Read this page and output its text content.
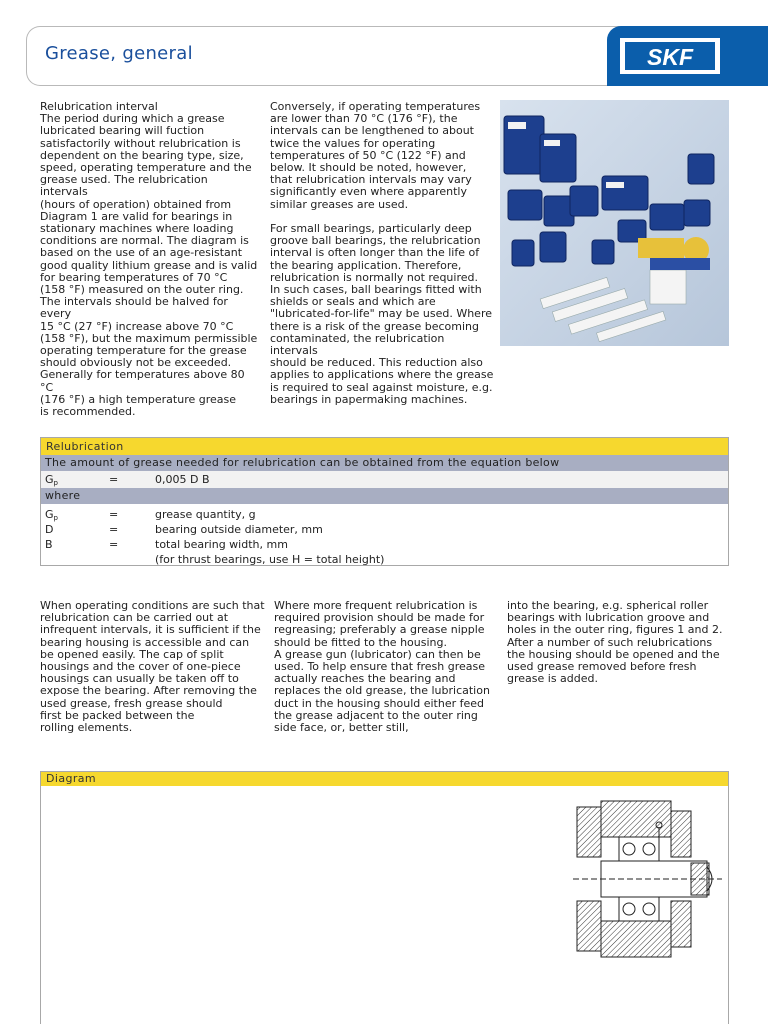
Grease, general	SKF
Relubrication interval
The period during which a grease
lubricated bearing will fuction
satisfactorily without relubrication is
dependent on the bearing type, size,
speed, operating temperature and the
grease used. The relubrication intervals
(hours of operation) obtained from
Diagram 1 are valid for bearings in
stationary machines where loading
conditions are normal. The diagram is
based on the use of an age-resistant
good quality lithium grease and is valid
for bearing temperatures of 70 °C
(158 °F) measured on the outer ring.
The intervals should be halved for every
15 °C (27 °F) increase above 70 °C
(158 °F), but the maximum permissible
operating temperature for the grease
should obviously not be exceeded.
Generally for temperatures above 80 °C
(176 °F) a high temperature grease
is recommended.
Conversely, if operating temperatures
are lower than 70 °C (176 °F), the
intervals can be lengthened to about
twice the values for operating
temperatures of 50 °C (122 °F) and
below. It should be noted, however,
that relubrication intervals may vary
significantly even where apparently
similar greases are used.

For small bearings, particularly deep
groove ball bearings, the relubrication
interval is often longer than the life of
the bearing application. Therefore,
relubrication is normally not required.
In such cases, ball bearings fitted with
shields or seals and which are
"lubricated-for-life" may be used. Where
there is a risk of the grease becoming
contaminated, the relubrication intervals
should be reduced. This reduction also
applies to applications where the grease
is required to seal against moisture, e.g.
bearings in papermaking machines.
Relubrication
The amount of grease needed for relubrication can be obtained from the equation below
$G_p$	=	0,005 D B
where
$G_p$	=	grease quantity, g
D	=	bearing outside diameter, mm
B	=	total bearing width, mm
(for thrust bearings, use H = total height)
When operating conditions are such that
relubrication can be carried out at
infrequent intervals, it is sufficient if the
bearing housing is accessible and can
be opened easily. The cap of split
housings and the cover of one-piece
housings can usually be taken off to
expose the bearing. After removing the
used grease, fresh grease should
first be packed between the
rolling elements.
Where more frequent relubrication is
required provision should be made for
regreasing; preferably a grease nipple
should be fitted to the housing.
A grease gun (lubricator) can then be
used. To help ensure that fresh grease
actually reaches the bearing and
replaces the old grease, the lubrication
duct in the housing should either feed
the grease adjacent to the outer ring
side face, or, better still,
into the bearing, e.g. spherical roller
bearings with lubrication groove and
holes in the outer ring, figures 1 and 2.
After a number of such relubrications
the housing should be opened and the
used grease removed before fresh
grease is added.
Diagram
